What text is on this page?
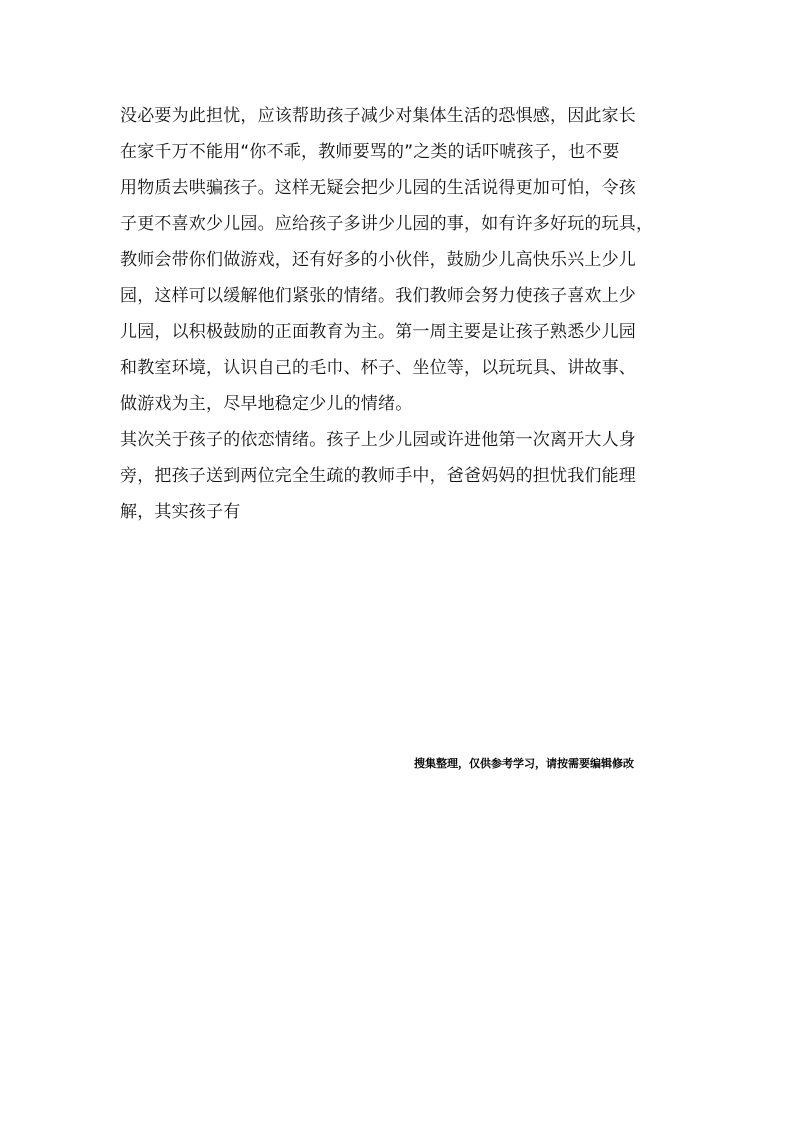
没必要为此担忧，应该帮助孩子减少对集体生活的恐惧感，因此家长
在家千万不能用“你不乖，教师要骂的”之类的话吓唬孩子，也不要
用物质去哄骗孩子。这样无疑会把少儿园的生活说得更加可怕，令孩
子更不喜欢少儿园。应给孩子多讲少儿园的事，如有许多好玩的玩具，
教师会带你们做游戏，还有好多的小伙伴，鼓励少儿高快乐兴上少儿
园，这样可以缓解他们紧张的情绪。我们教师会努力使孩子喜欢上少
儿园，以积极鼓励的正面教育为主。第一周主要是让孩子熟悉少儿园
和教室环境，认识自己的毛巾、杯子、坐位等，以玩玩具、讲故事、
做游戏为主，尽早地稳定少儿的情绪。
其次关于孩子的依恋情绪。孩子上少儿园或许进他第一次离开大人身
旁，把孩子送到两位完全生疏的教师手中，爸爸妈妈的担忧我们能理
解，其实孩子有
搜集整理，仅供参考学习，请按需要编辑修改
